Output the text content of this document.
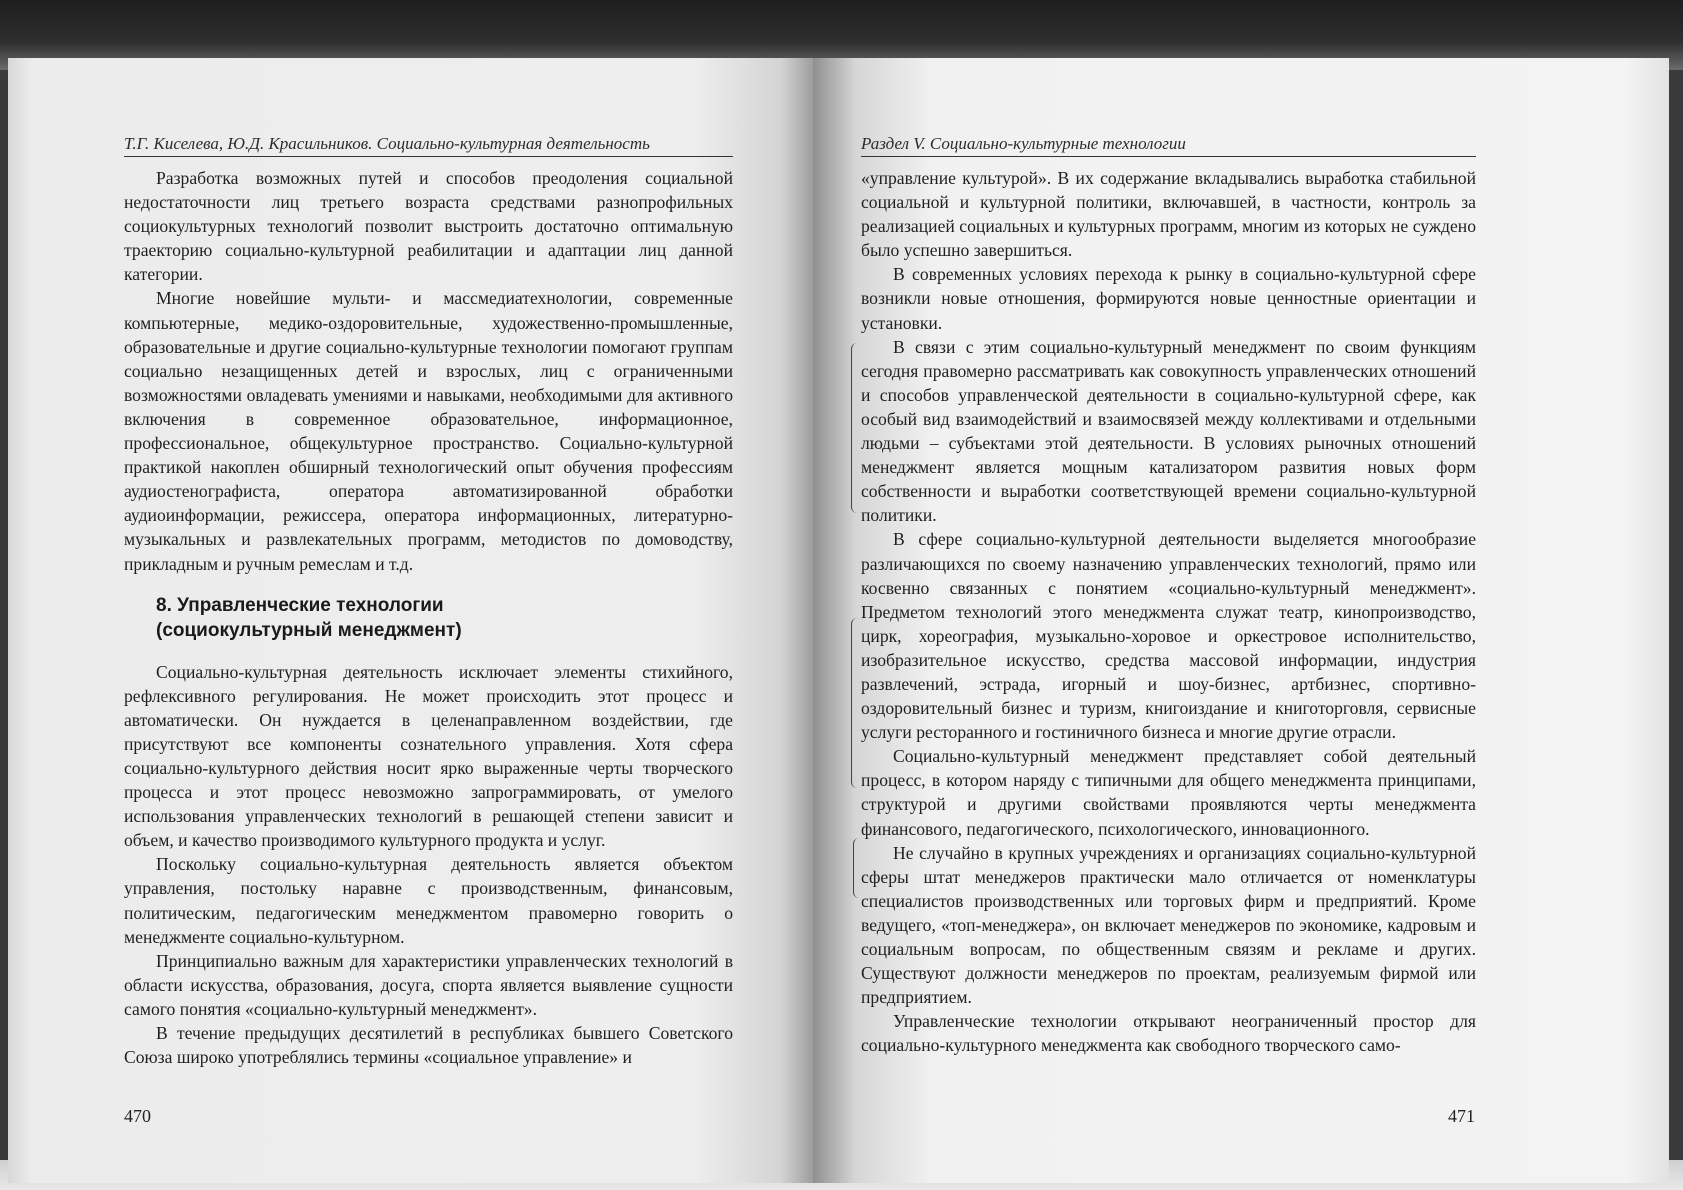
Т.Г. Киселева, Ю.Д. Красильников. Социально-культурная деятельность

Разработка возможных путей и способов преодоления социальной недостаточности лиц третьего возраста средствами разнопрофильных социокультурных технологий позволит выстроить достаточно оптимальную траекторию социально-культурной реабилитации и адаптации лиц данной категории.

Многие новейшие мульти- и массмедиатехнологии, современные компьютерные, медико-оздоровительные, художественно-промышленные, образовательные и другие социально-культурные технологии помогают группам социально незащищенных детей и взрослых, лиц с ограниченными возможностями овладевать умениями и навыками, необходимыми для активного включения в современное образовательное, информационное, профессиональное, общекультурное пространство. Социально-культурной практикой накоплен обширный технологический опыт обучения профессиям аудиостенографиста, оператора автоматизированной обработки аудиоинформации, режиссера, оператора информационных, литературно-музыкальных и развлекательных программ, методистов по домоводству, прикладным и ручным ремеслам и т.д.

8. Управленческие технологии
(социокультурный менеджмент)

Социально-культурная деятельность исключает элементы стихийного, рефлексивного регулирования. Не может происходить этот процесс и автоматически. Он нуждается в целенаправленном воздействии, где присутствуют все компоненты сознательного управления. Хотя сфера социально-культурного действия носит ярко выраженные черты творческого процесса и этот процесс невозможно запрограммировать, от умелого использования управленческих технологий в решающей степени зависит и объем, и качество производимого культурного продукта и услуг.

Поскольку социально-культурная деятельность является объектом управления, постольку наравне с производственным, финансовым, политическим, педагогическим менеджментом правомерно говорить о менеджменте социально-культурном.

Принципиально важным для характеристики управленческих технологий в области искусства, образования, досуга, спорта является выявление сущности самого понятия «социально-культурный менеджмент».

В течение предыдущих десятилетий в республиках бывшего Советского Союза широко употреблялись термины «социальное управление» и

470
Раздел V. Социально-культурные технологии

«управление культурой». В их содержание вкладывались выработка стабильной социальной и культурной политики, включавшей, в частности, контроль за реализацией социальных и культурных программ, многим из которых не суждено было успешно завершиться.

В современных условиях перехода к рынку в социально-культурной сфере возникли новые отношения, формируются новые ценностные ориентации и установки.

В связи с этим социально-культурный менеджмент по своим функциям сегодня правомерно рассматривать как совокупность управленческих отношений и способов управленческой деятельности в социально-культурной сфере, как особый вид взаимодействий и взаимосвязей между коллективами и отдельными людьми – субъектами этой деятельности. В условиях рыночных отношений менеджмент является мощным катализатором развития новых форм собственности и выработки соответствующей времени социально-культурной политики.

В сфере социально-культурной деятельности выделяется многообразие различающихся по своему назначению управленческих технологий, прямо или косвенно связанных с понятием «социально-культурный менеджмент». Предметом технологий этого менеджмента служат театр, кинопроизводство, цирк, хореография, музыкально-хоровое и оркестровое исполнительство, изобразительное искусство, средства массовой информации, индустрия развлечений, эстрада, игорный и шоу-бизнес, артбизнес, спортивно-оздоровительный бизнес и туризм, книгоиздание и книготорговля, сервисные услуги ресторанного и гостиничного бизнеса и многие другие отрасли.

Социально-культурный менеджмент представляет собой деятельный процесс, в котором наряду с типичными для общего менеджмента принципами, структурой и другими свойствами проявляются черты менеджмента финансового, педагогического, психологического, инновационного.

Не случайно в крупных учреждениях и организациях социально-культурной сферы штат менеджеров практически мало отличается от номенклатуры специалистов производственных или торговых фирм и предприятий. Кроме ведущего, «топ-менеджера», он включает менеджеров по экономике, кадровым и социальным вопросам, по общественным связям и рекламе и других. Существуют должности менеджеров по проектам, реализуемым фирмой или предприятием.

Управленческие технологии открывают неограниченный простор для социально-культурного менеджмента как свободного творческого само-

471
